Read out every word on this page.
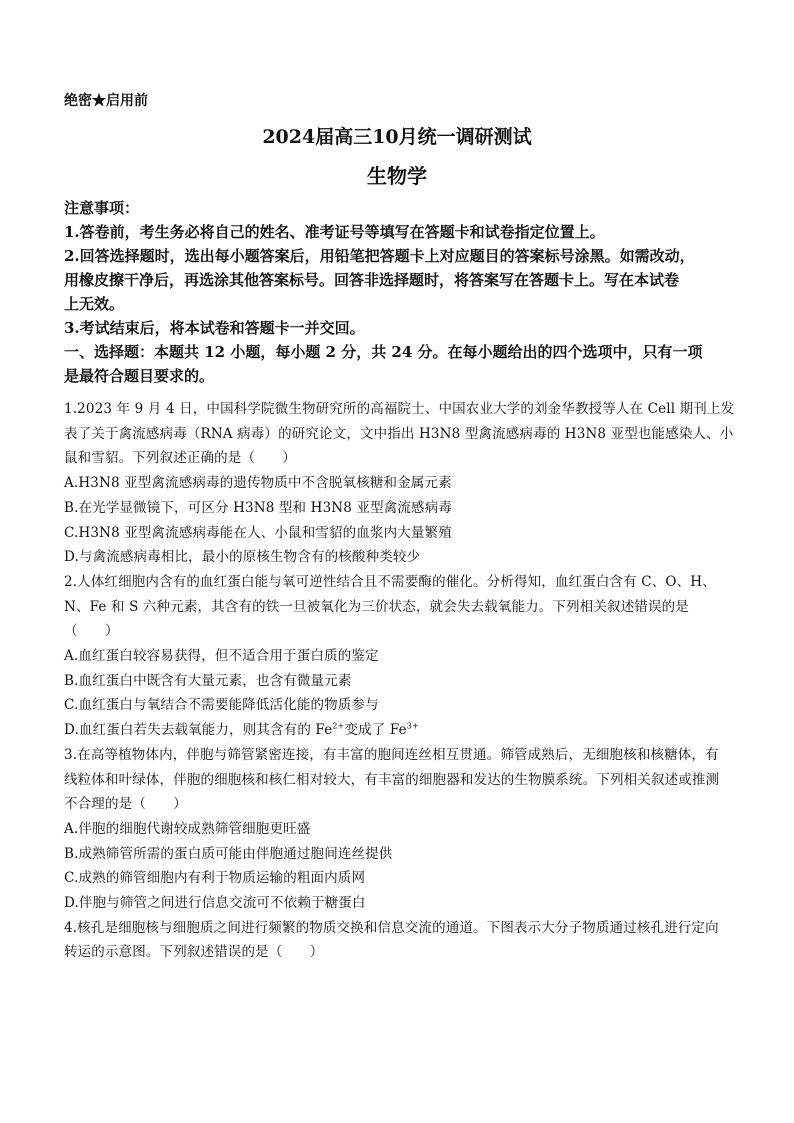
绝密★启用前
2024届高三10月统一调研测试
生物学
注意事项：
1.答卷前，考生务必将自己的姓名、准考证号等填写在答题卡和试卷指定位置上。
2.回答选择题时，选出每小题答案后，用铅笔把答题卡上对应题目的答案标号涂黑。如需改动，
用橡皮擦干净后，再选涂其他答案标号。回答非选择题时，将答案写在答题卡上。写在本试卷
上无效。
3.考试结束后，将本试卷和答题卡一并交回。
一、选择题：本题共 12 小题，每小题 2 分，共 24 分。在每小题给出的四个选项中，只有一项
是最符合题目要求的。
1.2023 年 9 月 4 日，中国科学院微生物研究所的高福院士、中国农业大学的刘金华教授等人在 Cell 期刊上发
表了关于禽流感病毒（RNA 病毒）的研究论文，文中指出 H3N8 型禽流感病毒的 H3N8 亚型也能感染人、小
鼠和雪貂。下列叙述正确的是（　　）
A.H3N8 亚型禽流感病毒的遗传物质中不含脱氧核糖和金属元素
B.在光学显微镜下，可区分 H3N8 型和 H3N8 亚型禽流感病毒
C.H3N8 亚型禽流感病毒能在人、小鼠和雪貂的血浆内大量繁殖
D.与禽流感病毒相比，最小的原核生物含有的核酸种类较少
2.人体红细胞内含有的血红蛋白能与氧可逆性结合且不需要酶的催化。分析得知，血红蛋白含有 C、O、H、
N、Fe 和 S 六种元素，其含有的铁一旦被氧化为三价状态，就会失去载氧能力。下列相关叙述错误的是
（　　）
A.血红蛋白较容易获得，但不适合用于蛋白质的鉴定
B.血红蛋白中既含有大量元素，也含有微量元素
C.血红蛋白与氧结合不需要能降低活化能的物质参与
D.血红蛋白若失去载氧能力，则其含有的 $Fe^{2+}$变成了 $Fe^{3+}$
3.在高等植物体内，伴胞与筛管紧密连接，有丰富的胞间连丝相互贯通。筛管成熟后，无细胞核和核糖体，有
线粒体和叶绿体，伴胞的细胞核和核仁相对较大，有丰富的细胞器和发达的生物膜系统。下列相关叙述或推测
不合理的是（　　）
A.伴胞的细胞代谢较成熟筛管细胞更旺盛
B.成熟筛管所需的蛋白质可能由伴胞通过胞间连丝提供
C.成熟的筛管细胞内有利于物质运输的粗面内质网
D.伴胞与筛管之间进行信息交流可不依赖于糖蛋白
4.核孔是细胞核与细胞质之间进行频繁的物质交换和信息交流的通道。下图表示大分子物质通过核孔进行定向
转运的示意图。下列叙述错误的是（　　）
